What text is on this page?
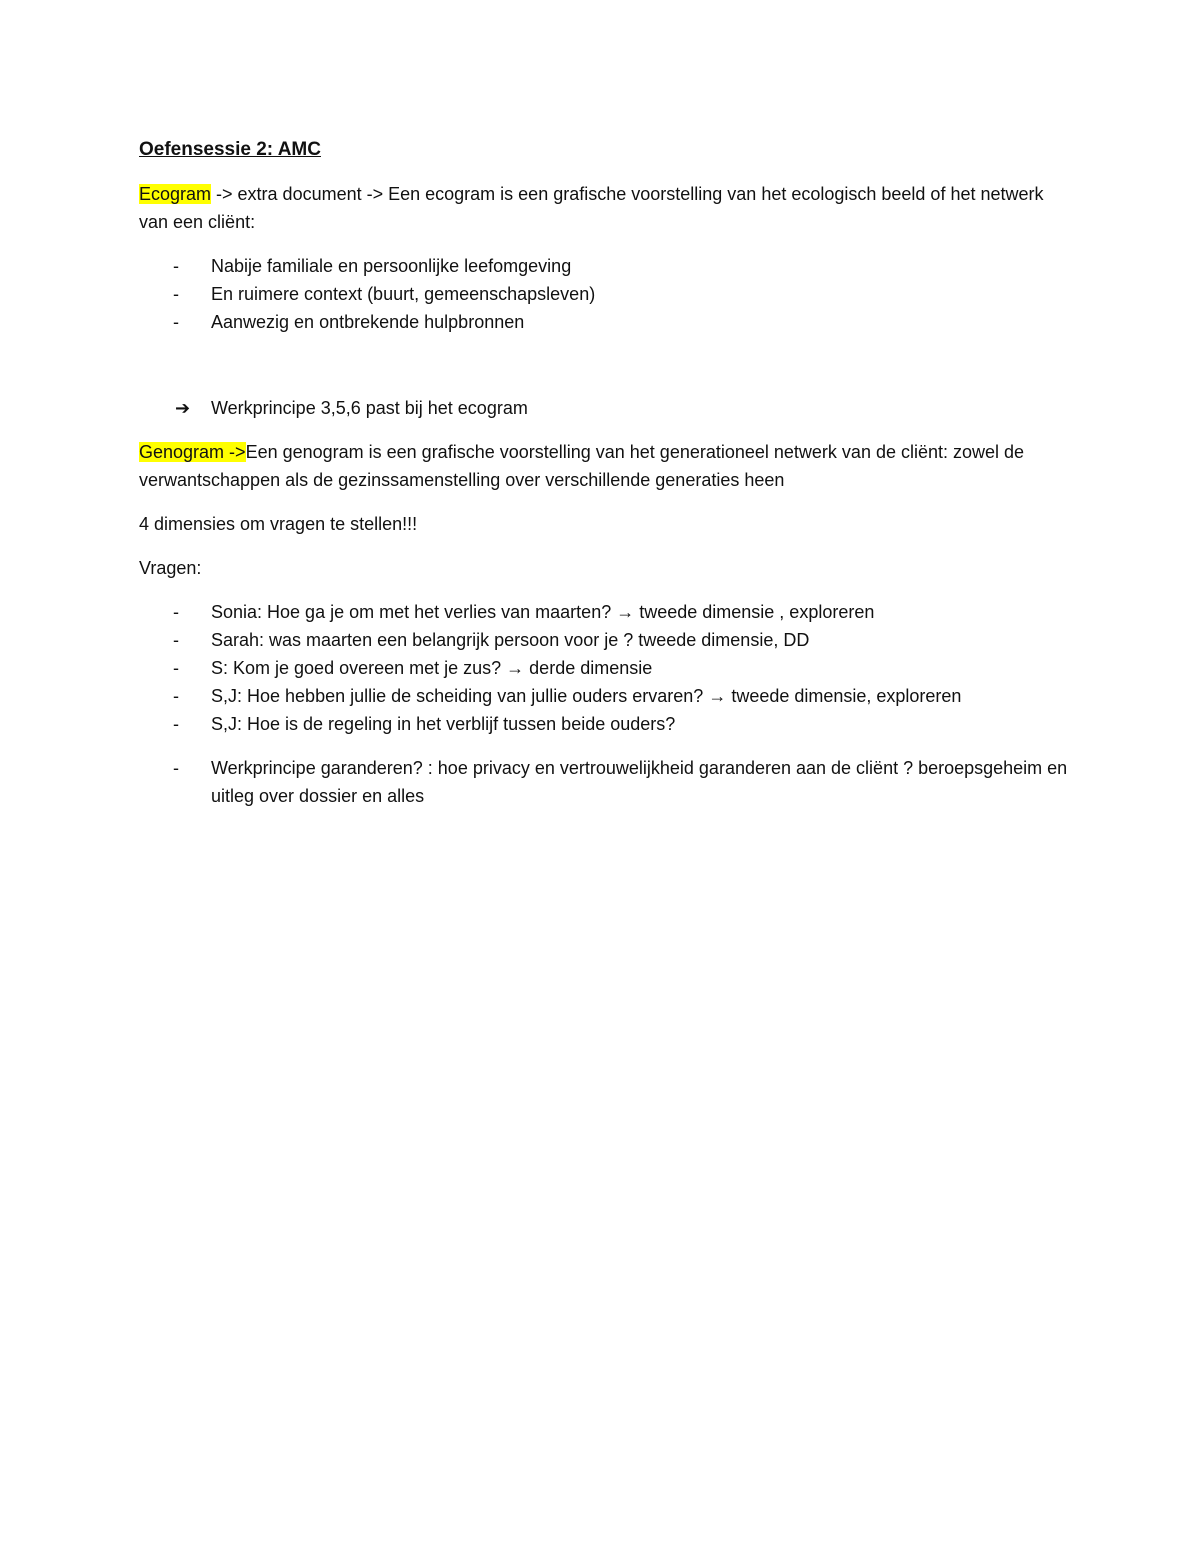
Oefensessie 2: AMC

Ecogram -> extra document -> Een ecogram is een grafische voorstelling van het ecologisch beeld of het netwerk van een cliënt:

- Nabije familiale en persoonlijke leefomgeving
- En ruimere context (buurt, gemeenschapsleven)
- Aanwezig en ontbrekende hulpbronnen
➔ Werkprincipe 3,5,6 past bij het ecogram

Genogram ->Een genogram is een grafische voorstelling van het generationeel netwerk van de cliënt: zowel de verwantschappen als de gezinssamenstelling over verschillende generaties heen

4 dimensies om vragen te stellen!!!

Vragen:

- Sonia: Hoe ga je om met het verlies van maarten? → tweede dimensie , exploreren
- Sarah: was maarten een belangrijk persoon voor je ? tweede dimensie, DD
- S: Kom je goed overeen met je zus? → derde dimensie
- S,J: Hoe hebben jullie de scheiding van jullie ouders ervaren? → tweede dimensie, exploreren
- S,J: Hoe is de regeling in het verblijf tussen beide ouders?
- Werkprincipe garanderen? : hoe privacy en vertrouwelijkheid garanderen aan de cliënt ? beroepsgeheim en uitleg over dossier en alles
